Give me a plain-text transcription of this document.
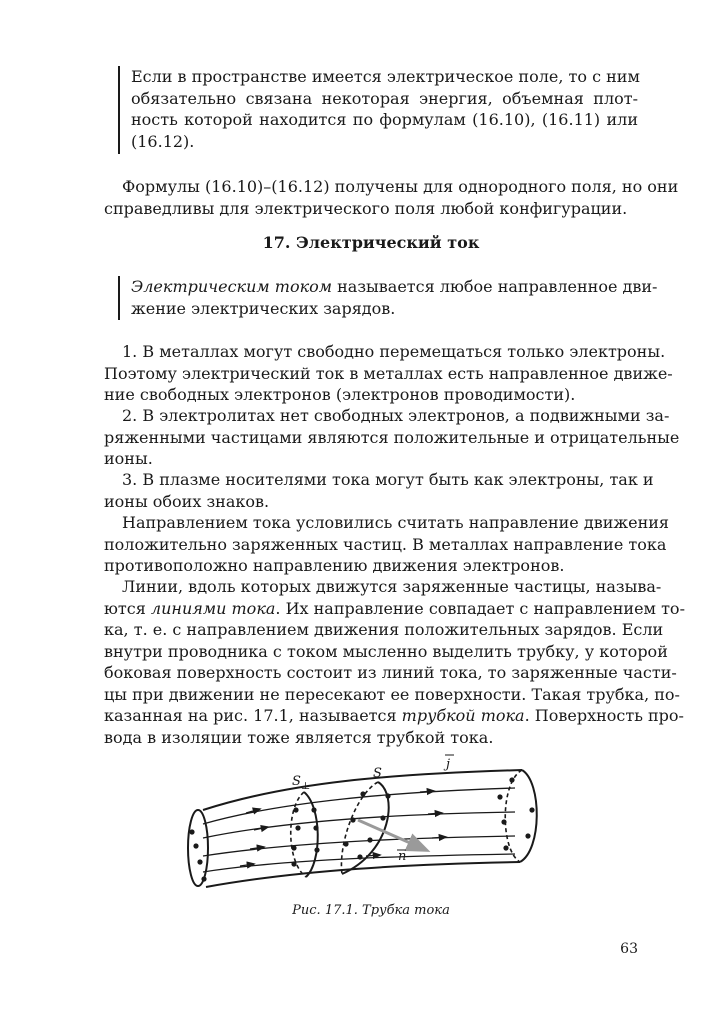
Если в пространстве имеется электрическое поле, то с ним
обязательно связана некоторая энергия, объемная плот-
ность которой находится по формулам (16.10), (16.11) или
(16.12).

Формулы (16.10)–(16.12) получены для однородного поля, но они
справедливы для электрического поля любой конфигурации.

17. Электрический ток

Электрическим током называется любое направленное дви-
жение электрических зарядов.

1. В металлах могут свободно перемещаться только электроны.
Поэтому электрический ток в металлах есть направленное движе-
ние свободных электронов (электронов проводимости).

2. В электролитах нет свободных электронов, а подвижными за-
ряженными частицами являются положительные и отрицательные
ионы.

3. В плазме носителями тока могут быть как электроны, так и
ионы обоих знаков.

Направлением тока условились считать направление движения
положительно заряженных частиц. В металлах направление тока
противоположно направлению движения электронов.

Линии, вдоль которых движутся заряженные частицы, называ-
ются линиями тока. Их направление совпадает с направлением то-
ка, т. е. с направлением движения положительных зарядов. Если
внутри проводника с током мысленно выделить трубку, у которой
боковая поверхность состоит из линий тока, то заряженные части-
цы при движении не пересекают ее поверхности. Такая трубка, по-
казанная на рис. 17.1, называется трубкой тока. Поверхность про-
вода в изоляции тоже является трубкой тока.

$S_\perp$
S
j
n

Рис. 17.1. Трубка тока

63
